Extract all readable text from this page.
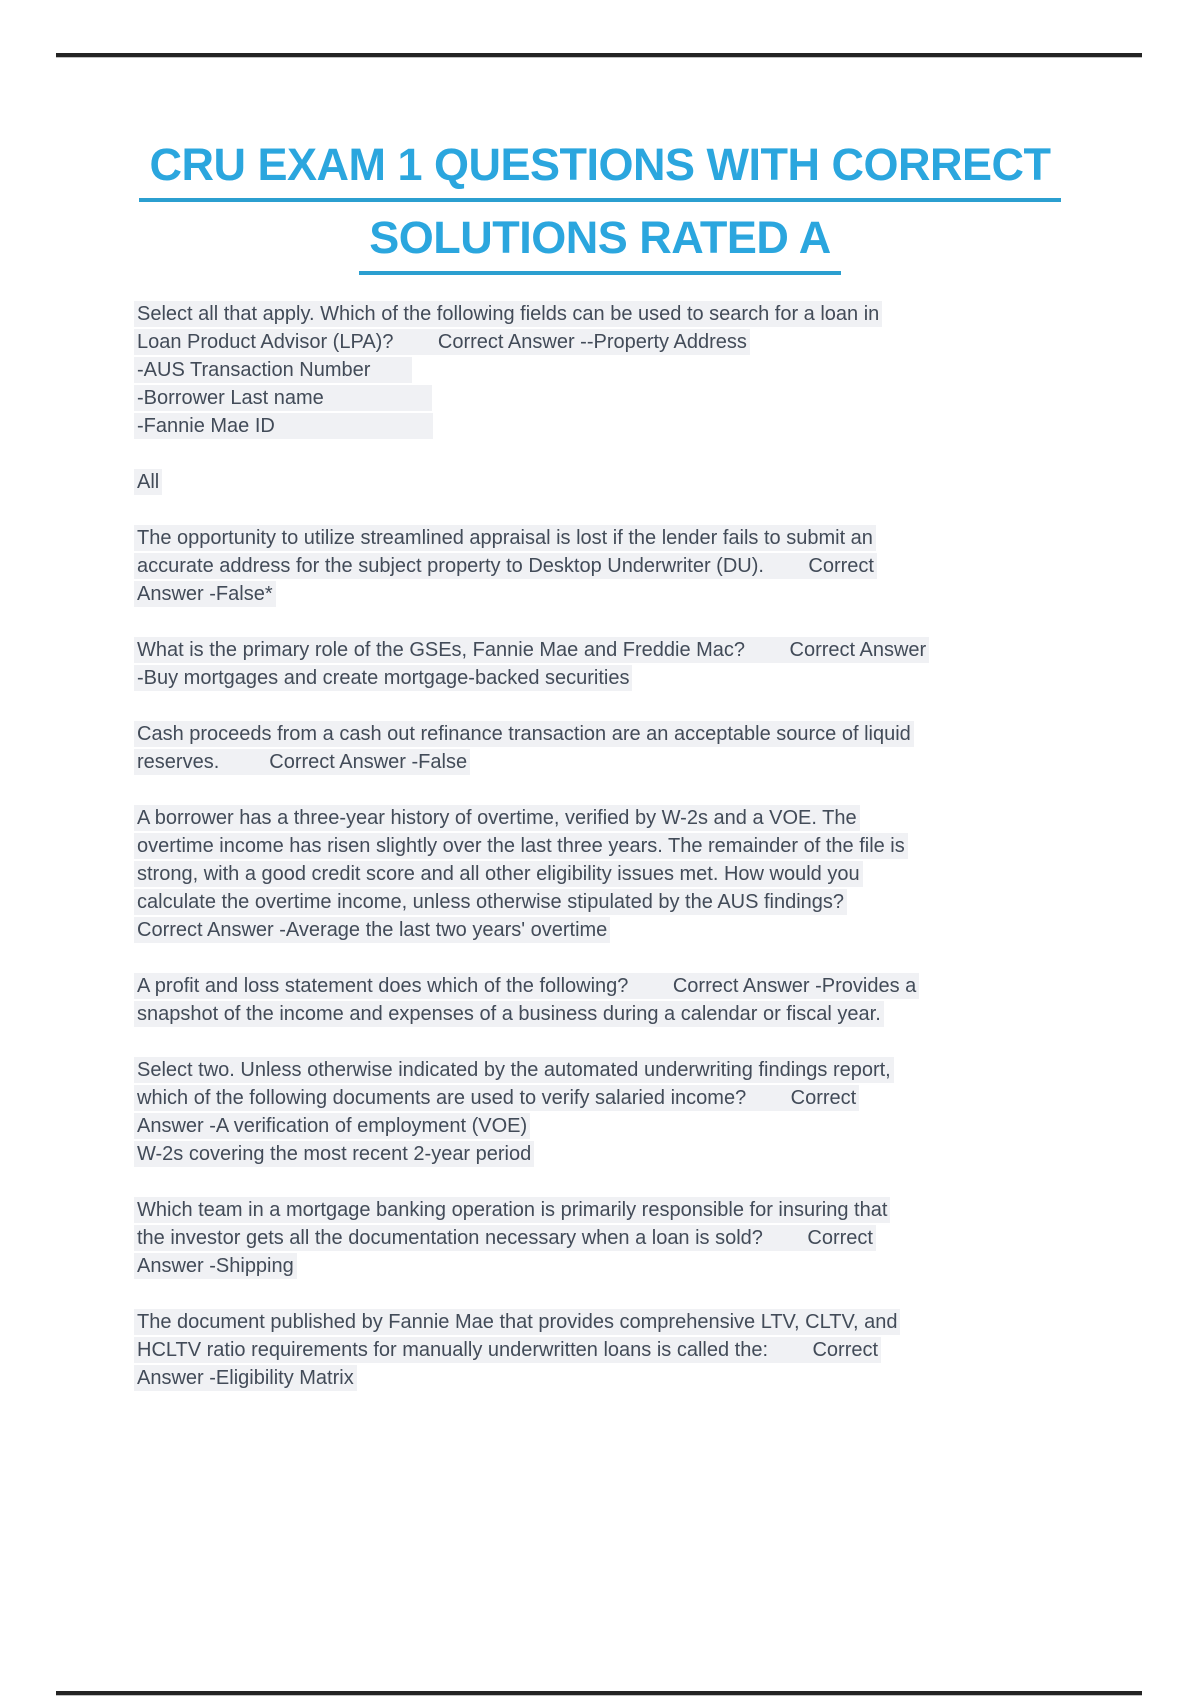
CRU EXAM 1 QUESTIONS WITH CORRECT
SOLUTIONS RATED A
Select all that apply. Which of the following fields can be used to search for a loan in
Loan Product Advisor (LPA)?        Correct Answer --Property Address
-AUS Transaction Number
-Borrower Last name
-Fannie Mae ID
All
The opportunity to utilize streamlined appraisal is lost if the lender fails to submit an
accurate address for the subject property to Desktop Underwriter (DU).        Correct
Answer -False*
What is the primary role of the GSEs, Fannie Mae and Freddie Mac?        Correct Answer
-Buy mortgages and create mortgage-backed securities
Cash proceeds from a cash out refinance transaction are an acceptable source of liquid
reserves.         Correct Answer -False
A borrower has a three-year history of overtime, verified by W-2s and a VOE. The
overtime income has risen slightly over the last three years. The remainder of the file is
strong, with a good credit score and all other eligibility issues met. How would you
calculate the overtime income, unless otherwise stipulated by the AUS findings?
Correct Answer -Average the last two years' overtime
A profit and loss statement does which of the following?        Correct Answer -Provides a
snapshot of the income and expenses of a business during a calendar or fiscal year.
Select two. Unless otherwise indicated by the automated underwriting findings report,
which of the following documents are used to verify salaried income?        Correct
Answer -A verification of employment (VOE)
W-2s covering the most recent 2-year period
Which team in a mortgage banking operation is primarily responsible for insuring that
the investor gets all the documentation necessary when a loan is sold?        Correct
Answer -Shipping
The document published by Fannie Mae that provides comprehensive LTV, CLTV, and
HCLTV ratio requirements for manually underwritten loans is called the:        Correct
Answer -Eligibility Matrix
